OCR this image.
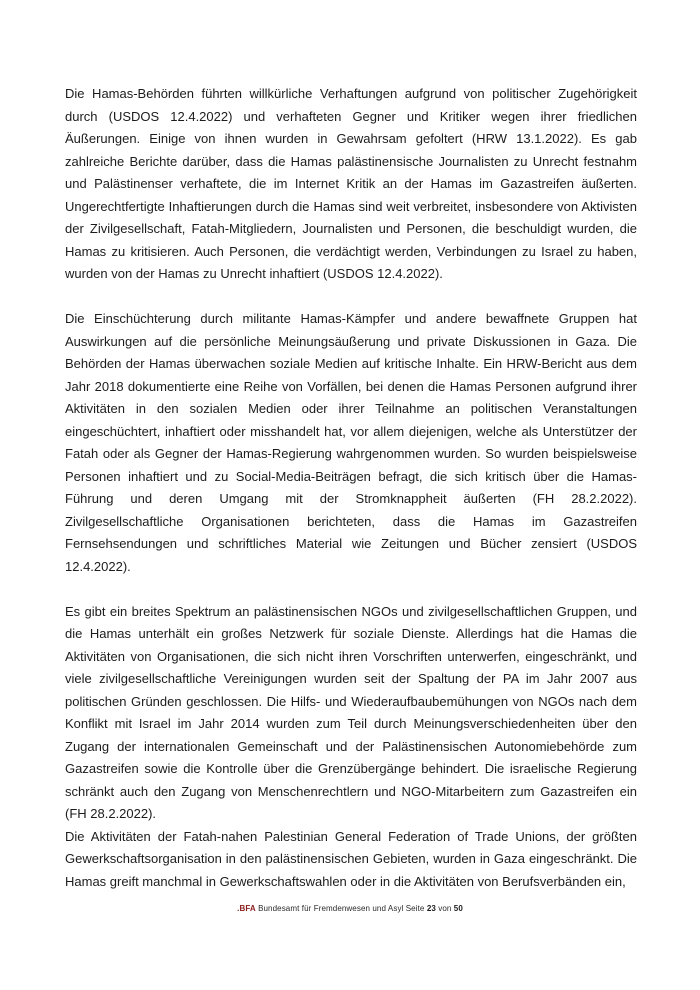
Die Hamas-Behörden führten willkürliche Verhaftungen aufgrund von politischer Zugehörigkeit durch (USDOS 12.4.2022) und verhafteten Gegner und Kritiker wegen ihrer friedlichen Äußerungen. Einige von ihnen wurden in Gewahrsam gefoltert (HRW 13.1.2022). Es gab zahlreiche Berichte darüber, dass die Hamas palästinensische Journalisten zu Unrecht festnahm und Palästinenser verhaftete, die im Internet Kritik an der Hamas im Gazastreifen äußerten. Ungerechtfertigte Inhaftierungen durch die Hamas sind weit verbreitet, insbesondere von Aktivisten der Zivilgesellschaft, Fatah-Mitgliedern, Journalisten und Personen, die beschuldigt wurden, die Hamas zu kritisieren. Auch Personen, die verdächtigt werden, Verbindungen zu Israel zu haben, wurden von der Hamas zu Unrecht inhaftiert (USDOS 12.4.2022).

Die Einschüchterung durch militante Hamas-Kämpfer und andere bewaffnete Gruppen hat Auswirkungen auf die persönliche Meinungsäußerung und private Diskussionen in Gaza. Die Behörden der Hamas überwachen soziale Medien auf kritische Inhalte. Ein HRW-Bericht aus dem Jahr 2018 dokumentierte eine Reihe von Vorfällen, bei denen die Hamas Personen aufgrund ihrer Aktivitäten in den sozialen Medien oder ihrer Teilnahme an politischen Veranstaltungen eingeschüchtert, inhaftiert oder misshandelt hat, vor allem diejenigen, welche als Unterstützer der Fatah oder als Gegner der Hamas-Regierung wahrgenommen wurden. So wurden beispielsweise Personen inhaftiert und zu Social-Media-Beiträgen befragt, die sich kritisch über die Hamas-Führung und deren Umgang mit der Stromknappheit äußerten (FH 28.2.2022). Zivilgesellschaftliche Organisationen berichteten, dass die Hamas im Gazastreifen Fernsehsendungen und schriftliches Material wie Zeitungen und Bücher zensiert (USDOS 12.4.2022).

Es gibt ein breites Spektrum an palästinensischen NGOs und zivilgesellschaftlichen Gruppen, und die Hamas unterhält ein großes Netzwerk für soziale Dienste. Allerdings hat die Hamas die Aktivitäten von Organisationen, die sich nicht ihren Vorschriften unterwerfen, eingeschränkt, und viele zivilgesellschaftliche Vereinigungen wurden seit der Spaltung der PA im Jahr 2007 aus politischen Gründen geschlossen. Die Hilfs- und Wiederaufbaubemühungen von NGOs nach dem Konflikt mit Israel im Jahr 2014 wurden zum Teil durch Meinungsverschiedenheiten über den Zugang der internationalen Gemeinschaft und der Palästinensischen Autonomiebehörde zum Gazastreifen sowie die Kontrolle über die Grenzübergänge behindert. Die israelische Regierung schränkt auch den Zugang von Menschenrechtlern und NGO-Mitarbeitern zum Gazastreifen ein (FH 28.2.2022).

Die Aktivitäten der Fatah-nahen Palestinian General Federation of Trade Unions, der größten Gewerkschaftsorganisation in den palästinensischen Gebieten, wurden in Gaza eingeschränkt. Die Hamas greift manchmal in Gewerkschaftswahlen oder in die Aktivitäten von Berufsverbänden ein,

.BFA Bundesamt für Fremdenwesen und Asyl Seite 23 von 50
